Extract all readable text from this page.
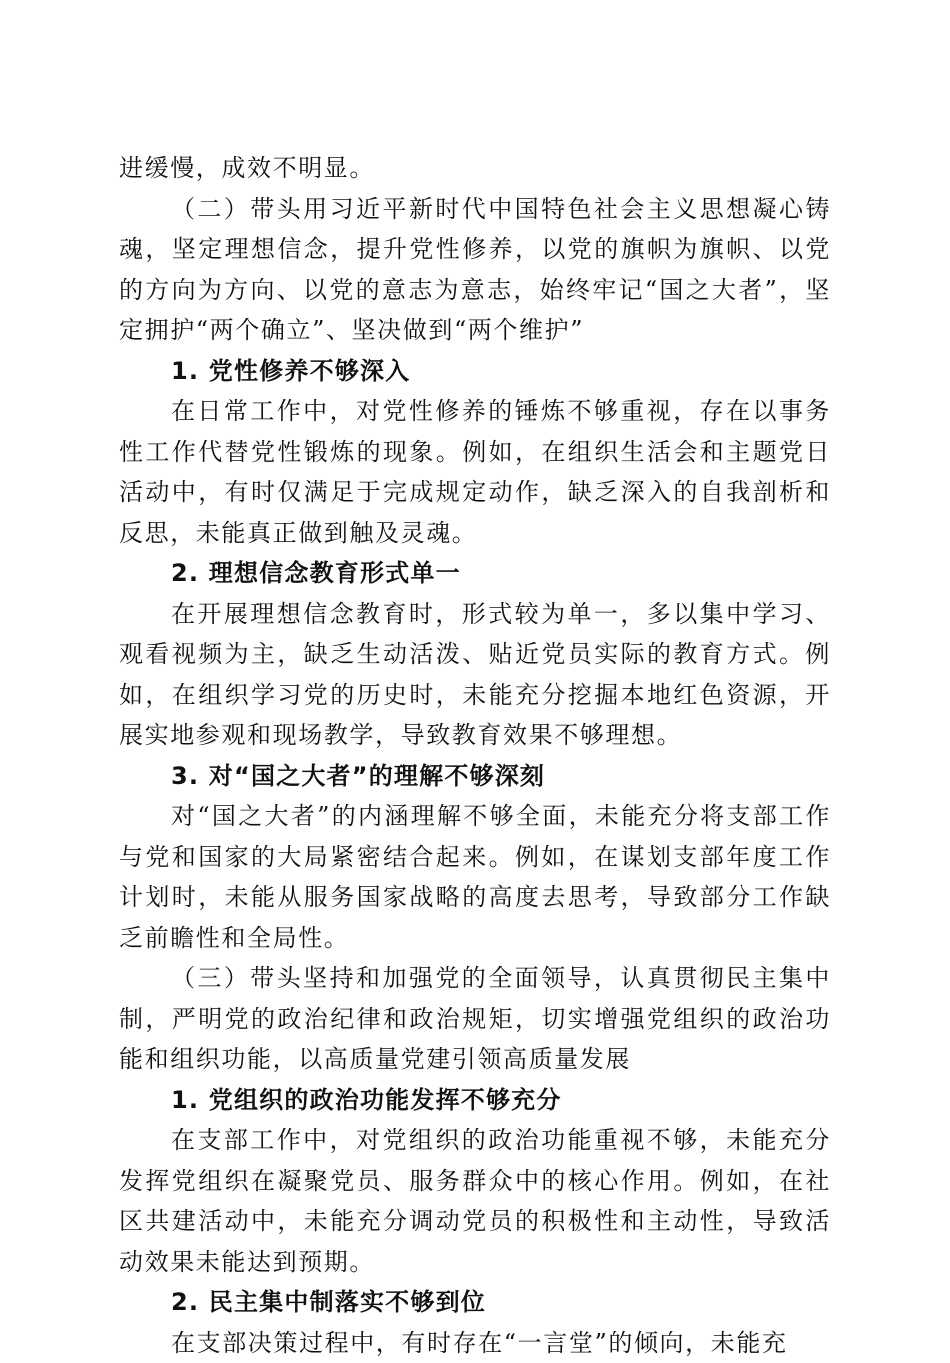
进缓慢，成效不明显。

（二）带头用习近平新时代中国特色社会主义思想凝心铸魂，坚定理想信念，提升党性修养，以党的旗帜为旗帜、以党的方向为方向、以党的意志为意志，始终牢记“国之大者”，坚定拥护“两个确立”、坚决做到“两个维护”

1. 党性修养不够深入

在日常工作中，对党性修养的锤炼不够重视，存在以事务性工作代替党性锻炼的现象。例如，在组织生活会和主题党日活动中，有时仅满足于完成规定动作，缺乏深入的自我剖析和反思，未能真正做到触及灵魂。

2. 理想信念教育形式单一

在开展理想信念教育时，形式较为单一，多以集中学习、观看视频为主，缺乏生动活泼、贴近党员实际的教育方式。例如，在组织学习党的历史时，未能充分挖掘本地红色资源，开展实地参观和现场教学，导致教育效果不够理想。

3. 对“国之大者”的理解不够深刻

对“国之大者”的内涵理解不够全面，未能充分将支部工作与党和国家的大局紧密结合起来。例如，在谋划支部年度工作计划时，未能从服务国家战略的高度去思考，导致部分工作缺乏前瞻性和全局性。

（三）带头坚持和加强党的全面领导，认真贯彻民主集中制，严明党的政治纪律和政治规矩，切实增强党组织的政治功能和组织功能，以高质量党建引领高质量发展

1. 党组织的政治功能发挥不够充分

在支部工作中，对党组织的政治功能重视不够，未能充分发挥党组织在凝聚党员、服务群众中的核心作用。例如，在社区共建活动中，未能充分调动党员的积极性和主动性，导致活动效果未能达到预期。

2. 民主集中制落实不够到位

在支部决策过程中，有时存在“一言堂”的倾向，未能充
